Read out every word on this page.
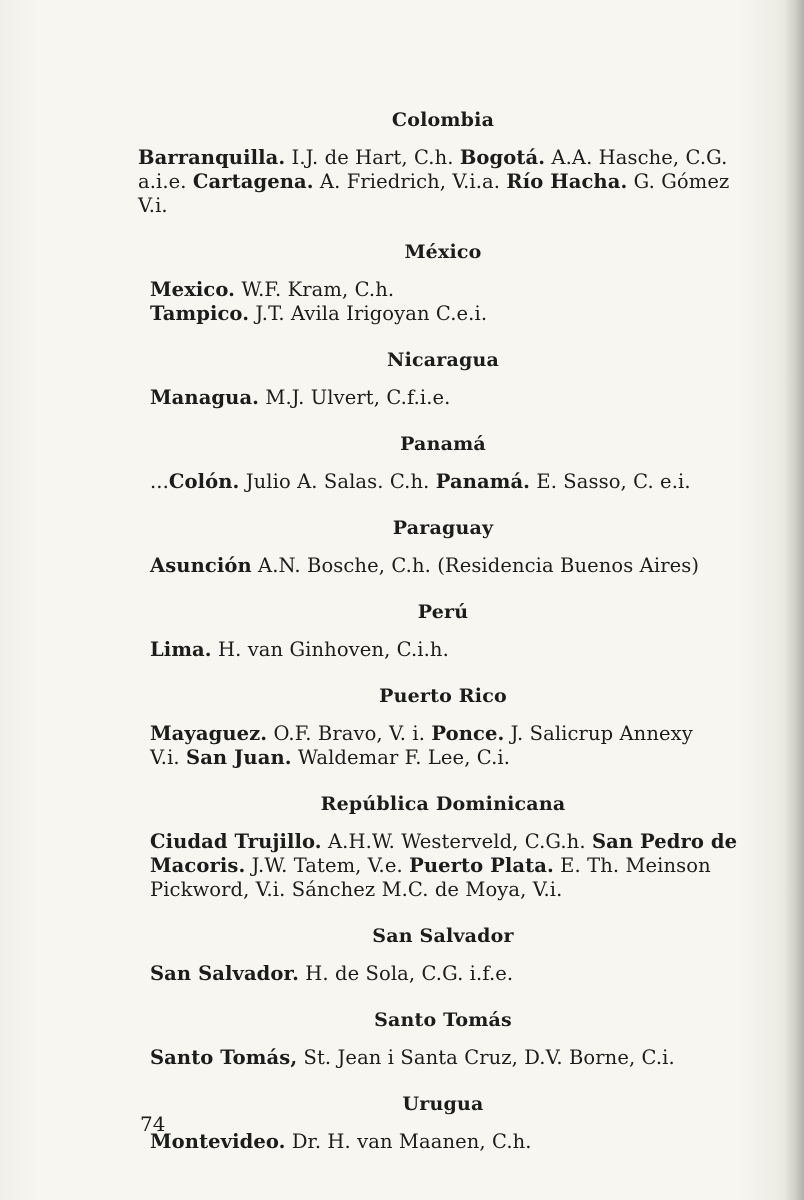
Colombia
Barranquilla. I.J. de Hart, C.h. Bogotá. A.A. Hasche, C.G.
a.i.e. Cartagena. A. Friedrich, V.i.a. Río Hacha. G. Gómez
V.i.
México
Mexico. W.F. Kram, C.h.
Tampico. J.T. Avila Irigoyan C.e.i.
Nicaragua
Managua. M.J. Ulvert, C.f.i.e.
Panamá
...Colón. Julio A. Salas. C.h. Panamá. E. Sasso, C. e.i.
Paraguay
Asunción A.N. Bosche, C.h. (Residencia Buenos Aires)
Perú
Lima. H. van Ginhoven, C.i.h.
Puerto Rico
Mayaguez. O.F. Bravo, V. i. Ponce. J. Salicrup Annexy
V.i. San Juan. Waldemar F. Lee, C.i.
República Dominicana
Ciudad Trujillo. A.H.W. Westerveld, C.G.h. San Pedro de
Macoris. J.W. Tatem, V.e. Puerto Plata. E. Th. Meinson
Pickword, V.i. Sánchez M.C. de Moya, V.i.
San Salvador
San Salvador. H. de Sola, C.G. i.f.e.
Santo Tomás
Santo Tomás, St. Jean i Santa Cruz, D.V. Borne, C.i.
Urugua
Montevideo. Dr. H. van Maanen, C.h.
74
